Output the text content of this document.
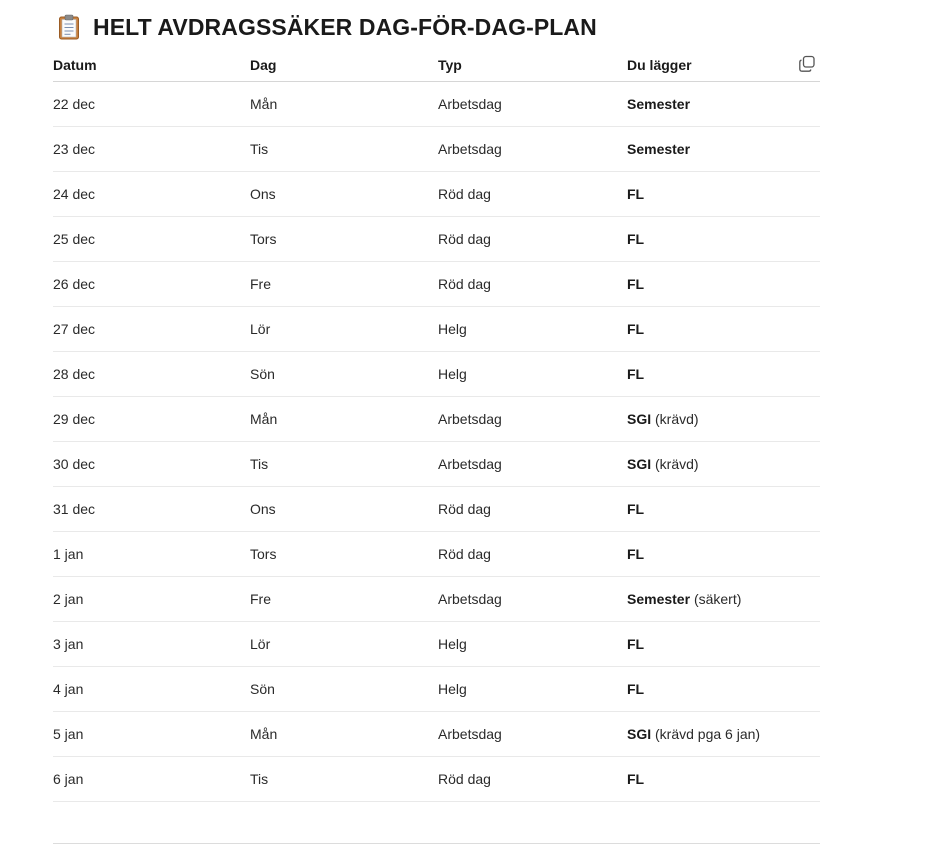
HELT AVDRAGSSÄKER DAG-FÖR-DAG-PLAN
Datum	Dag	Typ	Du lägger
22 dec	Mån	Arbetsdag	Semester
23 dec	Tis	Arbetsdag	Semester
24 dec	Ons	Röd dag	FL
25 dec	Tors	Röd dag	FL
26 dec	Fre	Röd dag	FL
27 dec	Lör	Helg	FL
28 dec	Sön	Helg	FL
29 dec	Mån	Arbetsdag	SGI (krävd)
30 dec	Tis	Arbetsdag	SGI (krävd)
31 dec	Ons	Röd dag	FL
1 jan	Tors	Röd dag	FL
2 jan	Fre	Arbetsdag	Semester (säkert)
3 jan	Lör	Helg	FL
4 jan	Sön	Helg	FL
5 jan	Mån	Arbetsdag	SGI (krävd pga 6 jan)
6 jan	Tis	Röd dag	FL
